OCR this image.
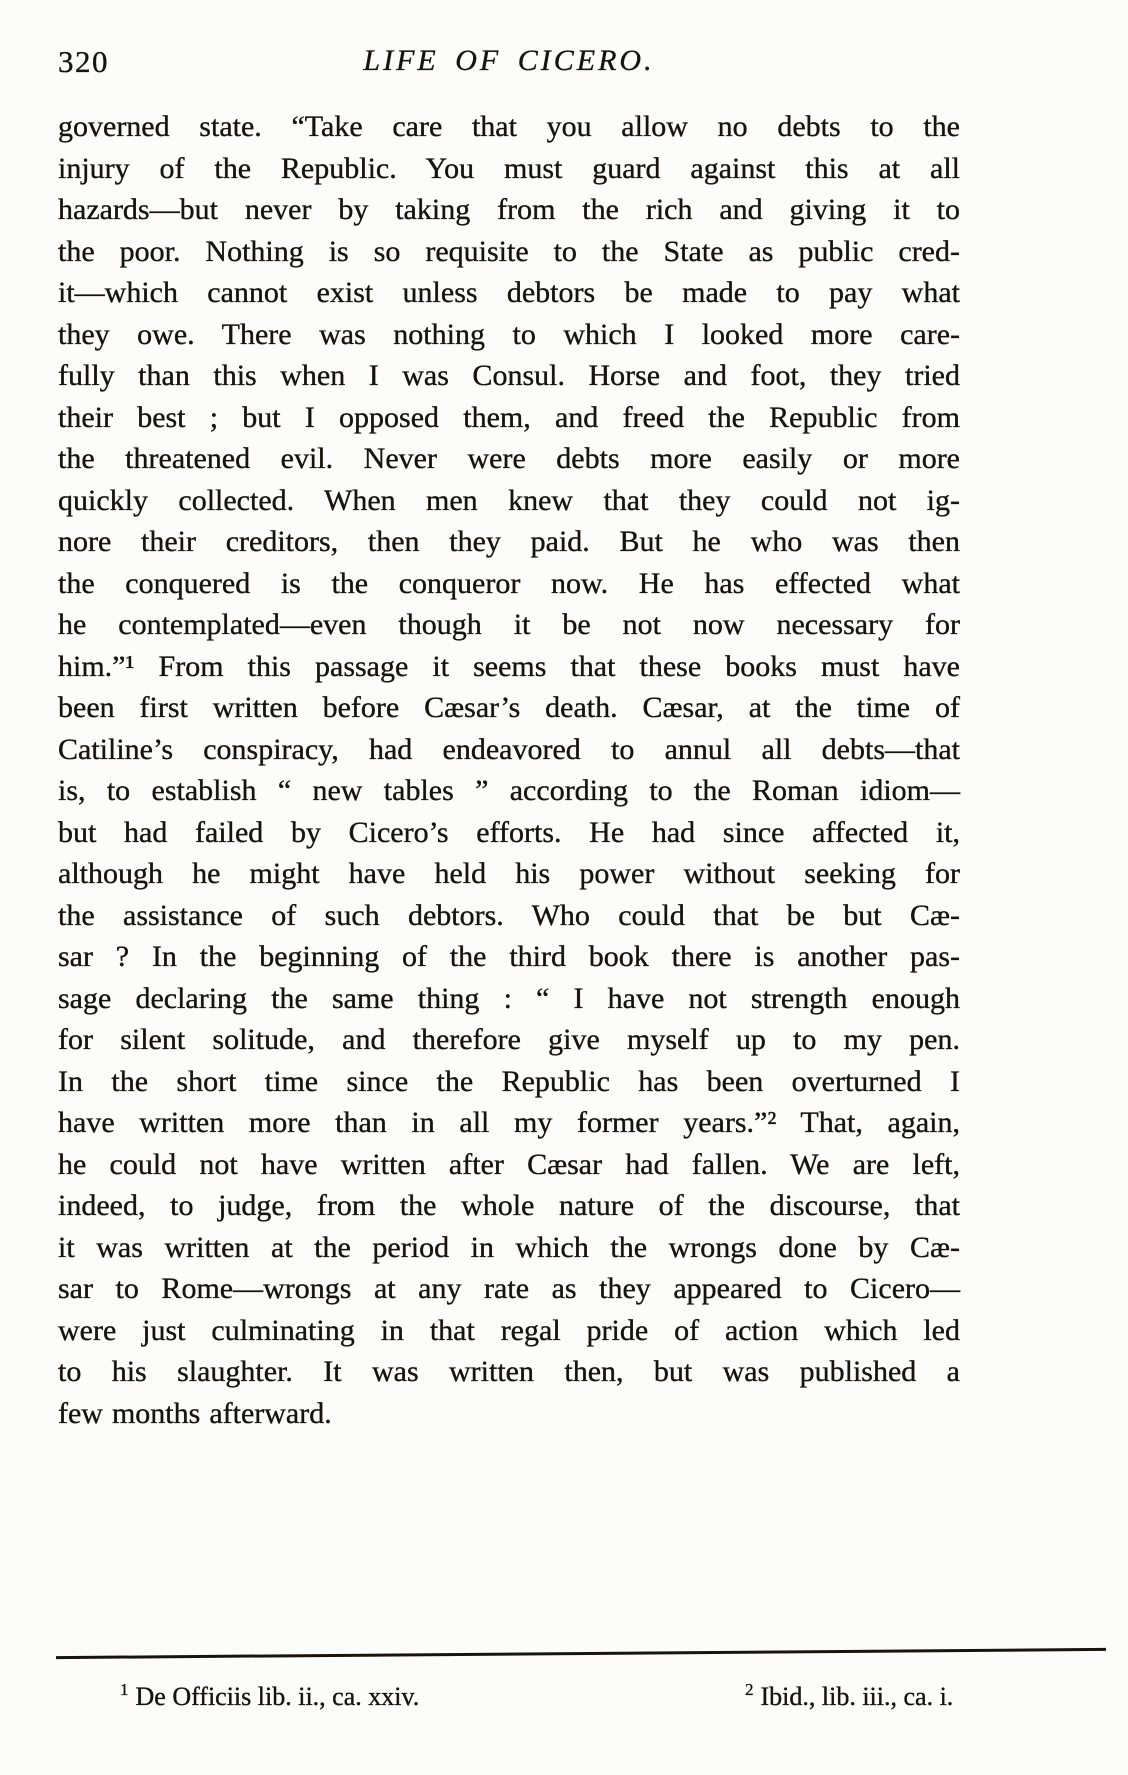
320	LIFE OF CICERO.
governed state. “Take care that you allow no debts to the
injury of the Republic. You must guard against this at all
hazards—but never by taking from the rich and giving it to
the poor. Nothing is so requisite to the State as public cred-
it—which cannot exist unless debtors be made to pay what
they owe. There was nothing to which I looked more care-
fully than this when I was Consul. Horse and foot, they tried
their best ; but I opposed them, and freed the Republic from
the threatened evil. Never were debts more easily or more
quickly collected. When men knew that they could not ig-
nore their creditors, then they paid. But he who was then
the conquered is the conqueror now. He has effected what
he contemplated—even though it be not now necessary for
him.”¹ From this passage it seems that these books must have
been first written before Cæsar’s death. Cæsar, at the time of
Catiline’s conspiracy, had endeavored to annul all debts—that
is, to establish “ new tables ” according to the Roman idiom—
but had failed by Cicero’s efforts. He had since affected it,
although he might have held his power without seeking for
the assistance of such debtors. Who could that be but Cæ-
sar ? In the beginning of the third book there is another pas-
sage declaring the same thing : “ I have not strength enough
for silent solitude, and therefore give myself up to my pen.
In the short time since the Republic has been overturned I
have written more than in all my former years.”² That, again,
he could not have written after Cæsar had fallen. We are left,
indeed, to judge, from the whole nature of the discourse, that
it was written at the period in which the wrongs done by Cæ-
sar to Rome—wrongs at any rate as they appeared to Cicero—
were just culminating in that regal pride of action which led
to his slaughter. It was written then, but was published a
few months afterward.
$^1$ De Officiis lib. ii., ca. xxiv.	$^2$ Ibid., lib. iii., ca. i.
